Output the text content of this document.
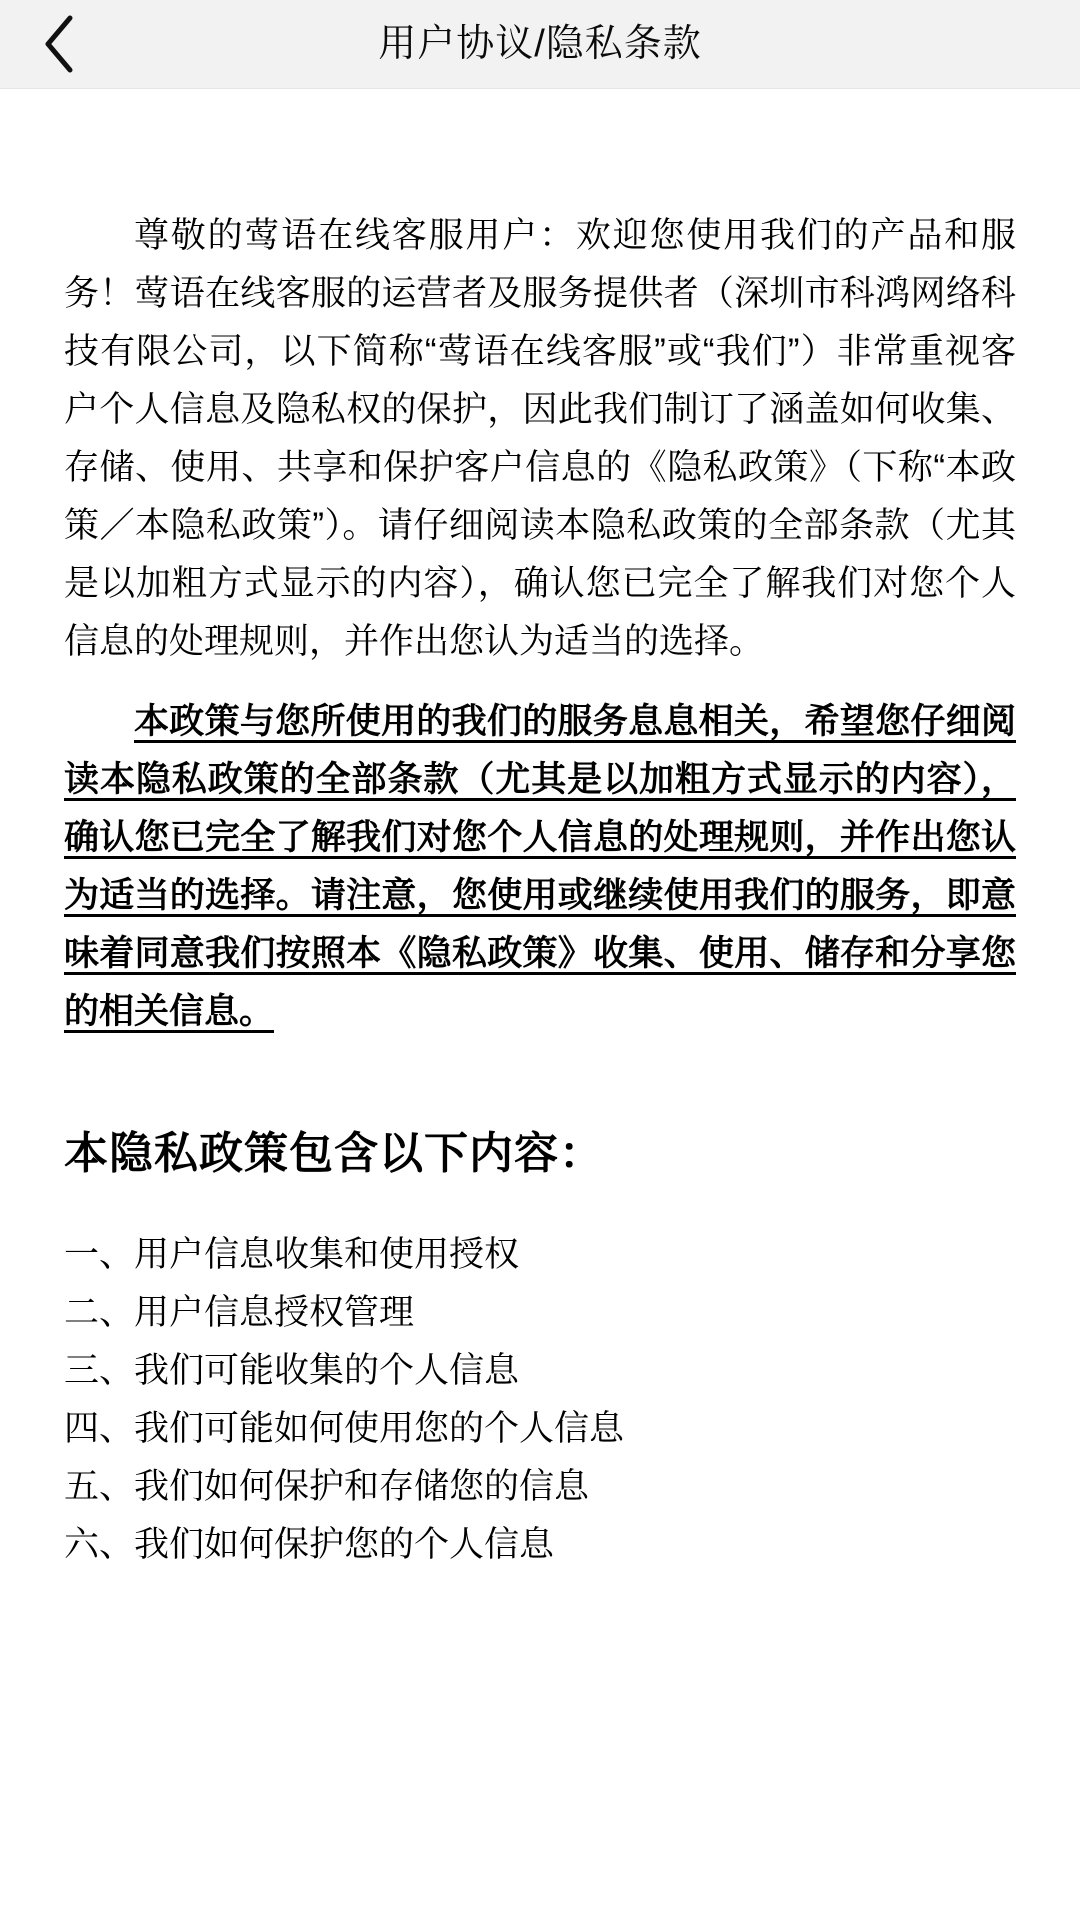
用户协议/隐私条款

尊敬的莺语在线客服用户：欢迎您使用我们的产品和服务！莺语在线客服的运营者及服务提供者（深圳市科鸿网络科技有限公司，以下简称“莺语在线客服”或“我们”）非常重视客户个人信息及隐私权的保护，因此我们制订了涵盖如何收集、存储、使用、共享和保护客户信息的《隐私政策》（下称“本政策／本隐私政策”）。请仔细阅读本隐私政策的全部条款（尤其是以加粗方式显示的内容），确认您已完全了解我们对您个人信息的处理规则，并作出您认为适当的选择。

本政策与您所使用的我们的服务息息相关，希望您仔细阅读本隐私政策的全部条款（尤其是以加粗方式显示的内容），确认您已完全了解我们对您个人信息的处理规则，并作出您认为适当的选择。请注意，您使用或继续使用我们的服务，即意味着同意我们按照本《隐私政策》收集、使用、储存和分享您的相关信息。

本隐私政策包含以下内容：
一、用户信息收集和使用授权
二、用户信息授权管理
三、我们可能收集的个人信息
四、我们可能如何使用您的个人信息
五、我们如何保护和存储您的信息
六、我们如何保护您的个人信息
